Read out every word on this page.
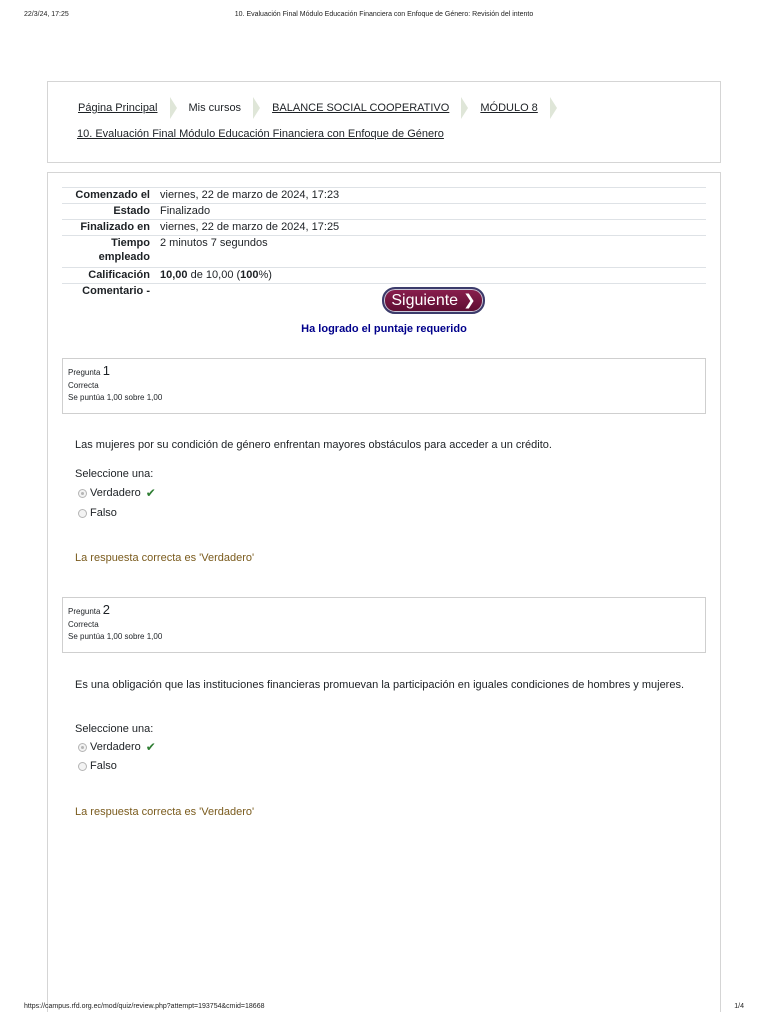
22/3/24, 17:25	10. Evaluación Final Módulo Educación Financiera con Enfoque de Género: Revisión del intento
Página Principal	Mis cursos	BALANCE SOCIAL COOPERATIVO	MÓDULO 8
10. Evaluación Final Módulo Educación Financiera con Enfoque de Género
Comenzado el viernes, 22 de marzo de 2024, 17:23
Estado Finalizado
Finalizado en viernes, 22 de marzo de 2024, 17:25
Tiempo empleado
2 minutos 7 segundos
Calificación 10,00 de 10,00 (100%)
Comentario -
Siguiente ❯
Ha logrado el puntaje requerido
Pregunta 1
Correcta
Se puntúa 1,00 sobre 1,00
Las mujeres por su condición de género enfrentan mayores obstáculos para acceder a un crédito.
Seleccione una:
Verdadero ✔
Falso
La respuesta correcta es 'Verdadero'
Pregunta 2
Correcta
Se puntúa 1,00 sobre 1,00
Es una obligación que las instituciones financieras promuevan la participación en iguales condiciones de hombres y mujeres.
Seleccione una:
Verdadero ✔
Falso
La respuesta correcta es 'Verdadero'
https://campus.rfd.org.ec/mod/quiz/review.php?attempt=193754&cmid=18668	1/4
